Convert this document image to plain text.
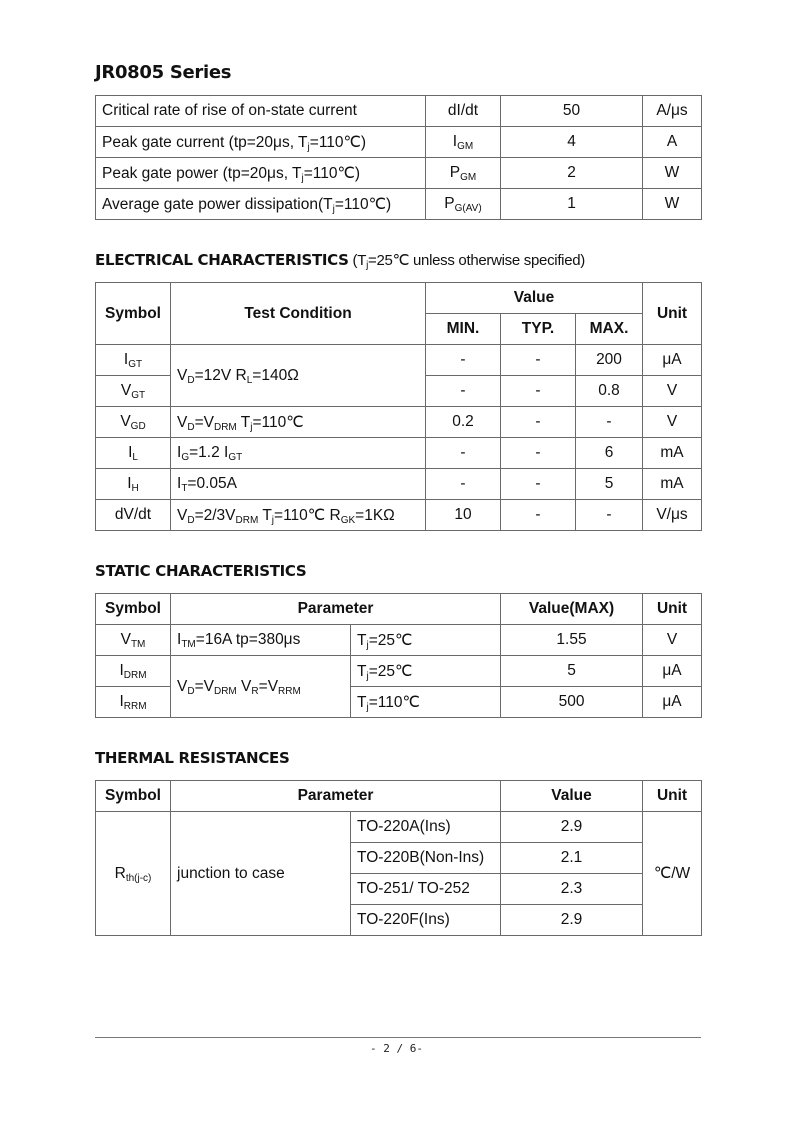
JR0805 Series
Critical rate of rise of on-state current	dI/dt	50	A/μs
Peak gate current (tp=20μs, $T_j=110℃$)	$I_{GM}$	4	A
Peak gate power (tp=20μs, $T_j=110℃$)	$P_{GM}$	2	W
Average gate power $dissipation(T_j=110℃)$	$P_{G(AV)}$	1	W
ELECTRICAL CHARACTERISTICS ($T_j=25℃$ unless otherwise specified)
Symbol	Test Condition	Value			Unit
		MIN.	TYP.	MAX.	
$I_{GT}$	$V_D=12V$ $R_L=140\Omega$	-	-	200	μA
$V_{GT}$		-	-	0.8	V
$V_{GD}$	$V_D=V_{DRM}$ $T_j=110℃$	0.2	-	-	V
$I_L$	$I_G=1.2$ $I_{GT}$	-	-	6	mA
$I_H$	$I_T=0.05A$	-	-	5	mA
dV/dt	$V_D=2/3V_{DRM}$ $T_j=110℃$ $R_{GK}=1K\Omega$	10	-	-	V/μs
STATIC CHARACTERISTICS
Symbol	Parameter		Value(MAX)	Unit
$V_{TM}$	$I_{TM}=16A$ tp=380μs	$T_j=25℃$	1.55	V
$I_{DRM}$	$V_D=V_{DRM}$ $V_R=V_{RRM}$	$T_j=25℃$	5	μA
$I_{RRM}$		$T_j=110℃$	500	μA
THERMAL RESISTANCES
Symbol	Parameter		Value	Unit
$R_{th(j-c)}$	junction to case	TO-220A(Ins)	2.9	℃/W
		TO-220B(Non-Ins)	2.1	
		TO-251/ TO-252	2.3	
		TO-220F(Ins)	2.9	
- 2 / 6-
